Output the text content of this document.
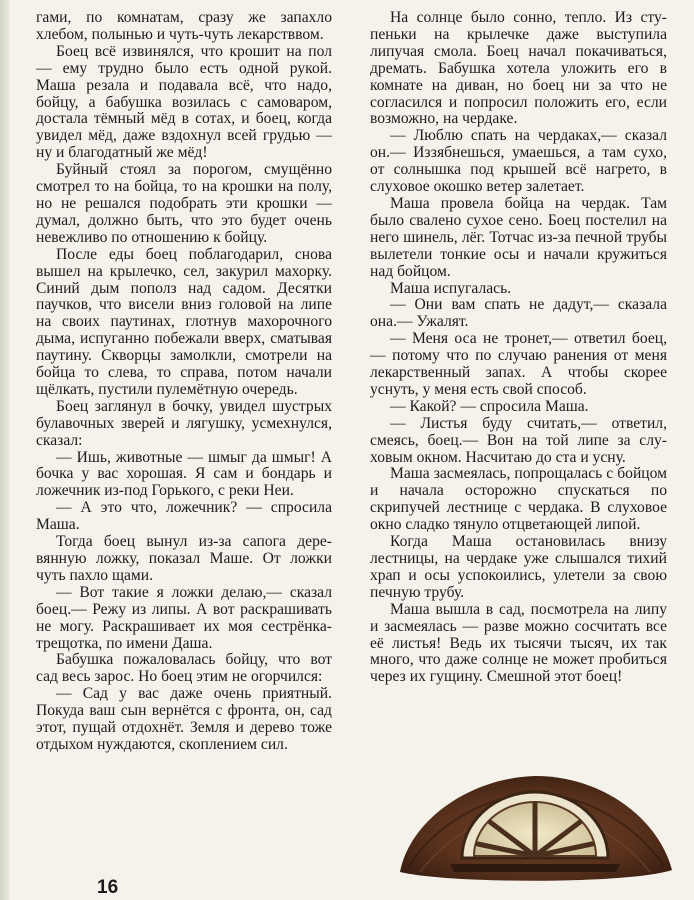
гами, по комнатам, сразу же запахло хлебом, полынью и чуть-чуть лекарстввом.

Боец всё извинялся, что крошит на пол — ему трудно было есть одной рукой. Маша резала и подавала всё, что надо, бойцу, а бабушка возилась с самоваром, достала тёмный мёд в сотах, и боец, когда увидел мёд, даже вздохнул всей грудью — ну и благодатный же мёд!

Буйный стоял за порогом, смущённо смотрел то на бойца, то на крошки на полу, но не решался подобрать эти крошки — думал, должно быть, что это будет очень невежливо по отношению к бойцу.

После еды боец поблагодарил, снова вышел на крылечко, сел, закурил махорку. Синий дым пополз над садом. Десятки паучков, что висели вниз головой на липе на своих паутинах, глотнув махорочного дыма, испуганно побежали вверх, сматывая паутину. Скворцы замолкли, смотрели на бойца то слева, то справа, потом начали щёлкать, пустили пулемётную очередь.

Боец заглянул в бочку, увидел шустрых булавочных зверей и лягушку, усмехнулся, сказал:

— Ишь, животные — шмыг да шмыг! А бочка у вас хорошая. Я сам и бондарь и ложечник из-под Горького, с реки Неи.

— А это что, ложечник? — спросила Маша.

Тогда боец вынул из-за сапога деревянную ложку, показал Маше. От ложки чуть пахло щами.

— Вот такие я ложки делаю,— сказал боец.— Режу из липы. А вот раскрашивать не могу. Раскрашивает их моя сестрёнка-трещотка, по имени Даша.

Бабушка пожаловалась бойцу, что вот сад весь зарос. Но боец этим не огорчился:

— Сад у вас даже очень приятный. Покуда ваш сын вернётся с фронта, он, сад этот, пущай отдохнёт. Земля и дерево тоже отдыхом нуждаются, скоплением сил.

На солнце было сонно, тепло. Из ступеньки на крылечке даже выступила липучая смола. Боец начал покачиваться, дремать. Бабушка хотела уложить его в комнате на диван, но боец ни за что не согласился и попросил положить его, если возможно, на чердаке.

— Люблю спать на чердаках,— сказал он.— Иззябнешься, умаешься, а там сухо, от солнышка под крышей всё нагрето, в слуховое окошко ветер залетает.

Маша провела бойца на чердак. Там было свалено сухое сено. Боец постелил на него шинель, лёг. Тотчас из-за печной трубы вылетели тонкие осы и начали кружиться над бойцом.

Маша испугалась.

— Они вам спать не дадут,— сказала она.— Ужалят.

— Меня оса не тронет,— ответил боец,— потому что по случаю ранения от меня лекарственный запах. А чтобы скорее уснуть, у меня есть свой способ.

— Какой? — спросила Маша.

— Листья буду считать,— ответил, смеясь, боец.— Вон на той липе за слуховым окном. Насчитаю до ста и усну.

Маша засмеялась, попрощалась с бойцом и начала осторожно спускаться по скрипучей лестнице с чердака. В слуховое окно сладко тянуло отцветающей липой.

Когда Маша остановилась внизу лестницы, на чердаке уже слышался тихий храп и осы успокоились, улетели за свою печную трубу.

Маша вышла в сад, посмотрела на липу и засмеялась — разве можно сосчитать все её листья! Ведь их тысячи тысяч, их так много, что даже солнце не может пробиться через их гущину. Смешной этот боец!

16
